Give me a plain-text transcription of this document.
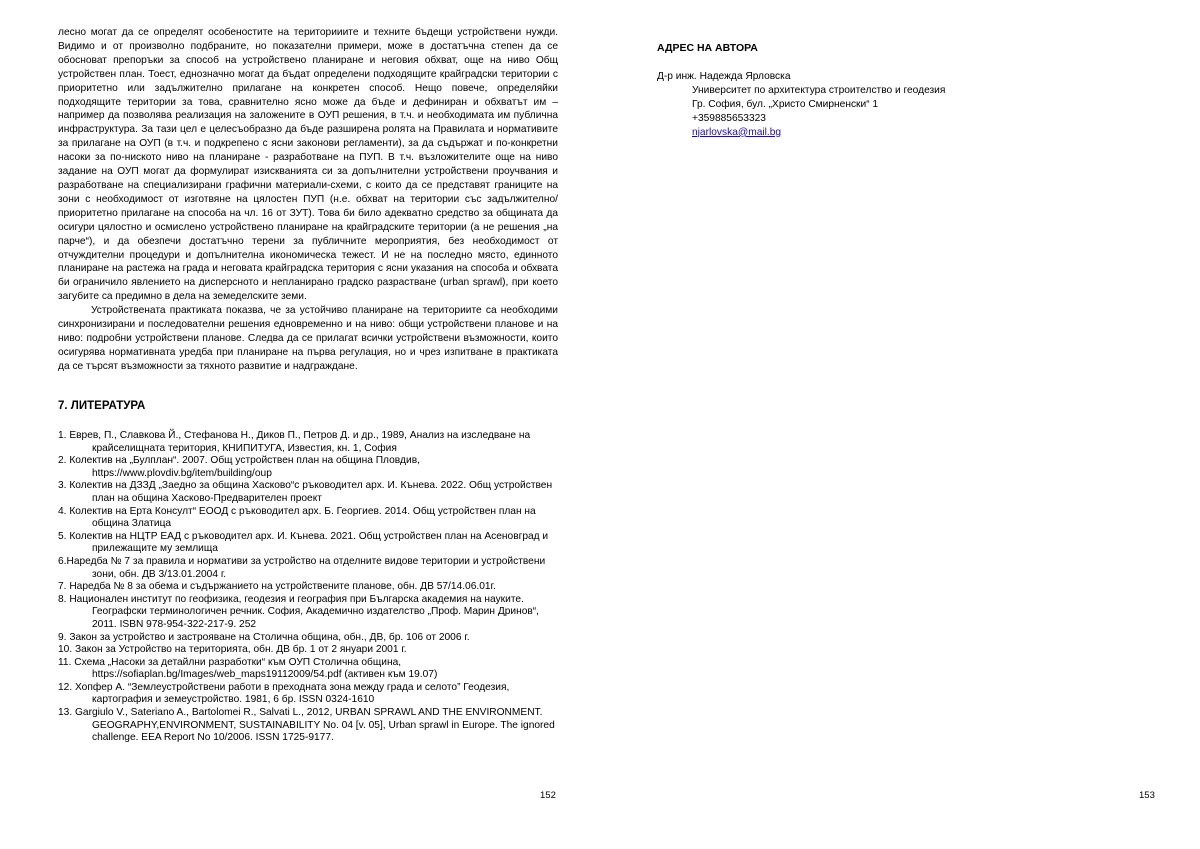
лесно могат да се определят особеностите на територииите и техните бъдещи устройствени нужди. Видимо и от произволно подбраните, но показателни примери, може в достатъчна степен да се обоснoват препоръки за способ на устройствено планиране и неговия обхват, още на ниво Общ устройствен план. Тоест, еднозначно могат да бъдат определени подходящите крайградски територии с приоритетно или задължително прилагане на конкретен способ. Нещо повече, определяйки подходящите територии за това, сравнително ясно може да бъде и дефиниран и обхватът им – например да позволява реализация на заложените в ОУП решения, в т.ч. и необходимата им публична инфраструктура. За тази цел е целесъобразно да бъде разширена ролята на Правилата и нормативите за прилагане на ОУП (в т.ч. и подкрепено с ясни законови регламенти), за да съдържат и по-конкретни насоки за по-ниското ниво на планиране - разработване на ПУП. В т.ч. възложителите още на ниво задание на ОУП могат да формулират изискванията си за допълнителни устройствени проучвания и разработване на специализирани графични материали-схеми, с които да се представят границите на зони с необходимост от изготвяне на цялостен ПУП (н.е. обхват на територии със задължително/приоритетно прилагане на способа на чл. 16 от ЗУТ). Това би било адекватно средство за общината да осигури цялостно и осмислено устройствено планиране на крайградските територии (а не решения „на парче“), и да обезпечи достатъчно терени за публичните мероприятия, без необходимост от отчуждителни процедури и допълнителна икономическа тежест. И не на последно място, единното планиране на растежа на града и неговата крайградска територия с ясни указания на способа и обхвата би ограничило явлението на дисперсното и непланирано градско разрастване (urban sprawl), при което загубите са предимно в дела на земеделските земи.

Устройствената практиката показва, че за устойчиво планиране на териториите са необходими синхронизирани и последователни решения едновременно и на ниво: общи устройствени планове и на ниво: подробни устройствени планове. Следва да се прилагат всички устройствени възможности, които осигурява нормативната уредба при планиране на първа регулация, но и чрез изпитване в практиката да се търсят възможности за тяхното развитие и надграждане.

7. ЛИТЕРАТУРА
1. Еврев, П., Славкова Й., Стефанова Н., Диков П., Петров Д. и др., 1989, Анализ на изследване на крайселищната територия, КНИПИТУГА, Известия, кн. 1, София
2. Колектив на „Булплан“. 2007. Общ устройствен план на община Пловдив, https://www.plovdiv.bg/item/building/oup
3. Колектив на ДЗЗД „Заедно за община Хасково“с ръководител арх. И. Кънева. 2022. Общ устройствен план на община Хасково-Предварителен проект
4. Колектив на Ерта Консулт“ ЕООД с ръководител арх. Б. Георгиев. 2014. Общ устройствен план на община Златица
5. Колектив на НЦТР ЕАД с ръководител арх. И. Кънева. 2021. Общ устройствен план на Асеновград и прилежащите му землища
6.Наредба № 7 за правила и нормативи за устройство на отделните видове територии и устройствени зони, обн. ДВ 3/13.01.2004 г.
7. Наредба № 8 за обема и съдържанието на устройствените планове, обн. ДВ 57/14.06.01г.
8. Национален институт по геофизика, геодезия и география при Българска академия на науките. Географски терминологичен речник. София, Академично издателство „Проф. Марин Дринов“, 2011. ISBN 978-954-322-217-9. 252
9. Закон за устройство и застрояване на Столична община, обн., ДВ, бр. 106 от 2006 г.
10. Закон за Устройство на територията, обн. ДВ бр. 1 от 2 януари 2001 г.
11. Схема „Насоки за детайлни разработки“ към ОУП Столична община, https://sofiaplan.bg/Images/web_maps19112009/54.pdf (активен към 19.07)
12. Хопфер А. “Землеустройствени работи в преходната зона между града и селото” Геодезия, картография и земеустройство. 1981, 6 бр. ISSN 0324-1610
13. Gargiulo V., Sateriano A., Bartolomei R., Salvati L., 2012, URBAN SPRAWL AND THE ENVIRONMENT. GEOGRAPHY,ENVIRONMENT, SUSTAINABILITY No. 04 [v. 05], Urban sprawl in Europe. The ignored challenge. EEA Report No 10/2006. ISSN 1725-9177.
152
АДРЕС НА АВТОРА
Д-р инж. Надежда Ярловска
Университет по архитектура строителство и геодезия
Гр. София, бул. „Христо Смирненски“ 1
+359885653323
njarlovska@mail.bg
153
